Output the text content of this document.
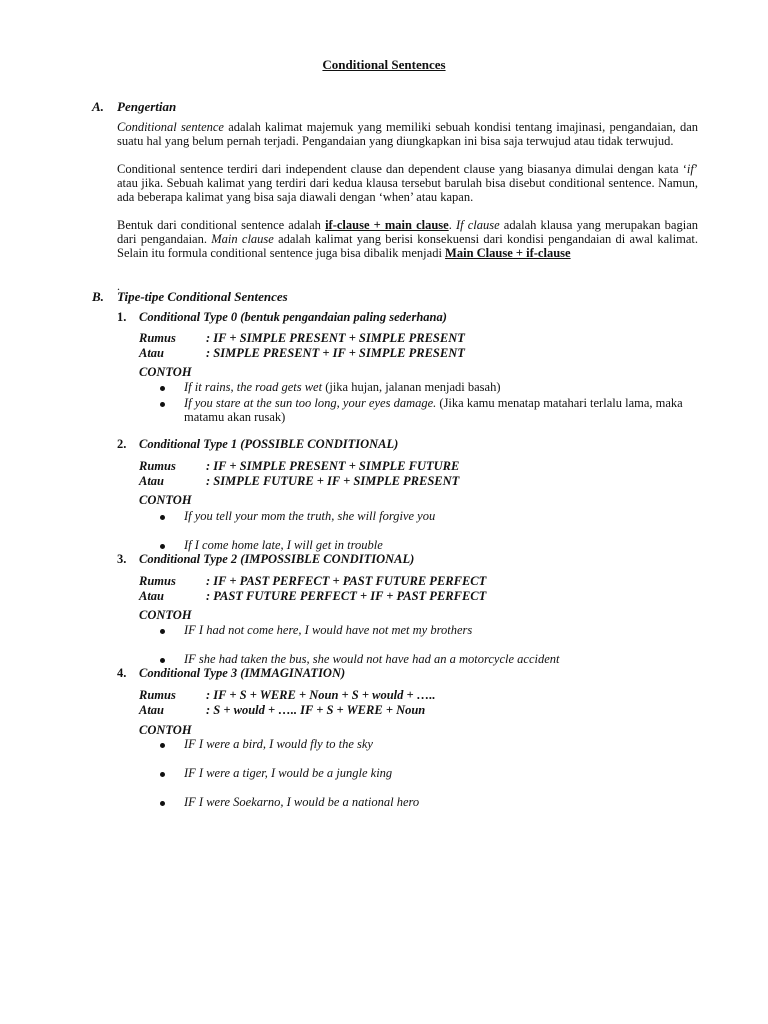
Conditional Sentences
A. Pengertian
Conditional sentence adalah kalimat majemuk yang memiliki sebuah kondisi tentang imajinasi, pengandaian, dan suatu hal yang belum pernah terjadi. Pengandaian yang diungkapkan ini bisa saja terwujud atau tidak terwujud.
Conditional sentence terdiri dari independent clause dan dependent clause yang biasanya dimulai dengan kata ‘if’ atau jika. Sebuah kalimat yang terdiri dari kedua klausa tersebut barulah bisa disebut conditional sentence. Namun, ada beberapa kalimat yang bisa saja diawali dengan ‘when’ atau kapan.
Bentuk dari conditional sentence adalah if-clause + main clause. If clause adalah klausa yang merupakan bagian dari pengandaian. Main clause adalah kalimat yang berisi konsekuensi dari kondisi pengandaian di awal kalimat. Selain itu formula conditional sentence juga bisa dibalik menjadi Main Clause + if-clause
.
B. Tipe-tipe Conditional Sentences
1. Conditional Type 0 (bentuk pengandaian paling sederhana)
Rumus : IF + SIMPLE PRESENT + SIMPLE PRESENT
Atau	: SIMPLE PRESENT + IF + SIMPLE PRESENT
CONTOH
If it rains, the road gets wet (jika hujan, jalanan menjadi basah)
If you stare at the sun too long, your eyes damage. (Jika kamu menatap matahari terlalu lama, maka matamu akan rusak)
2. Conditional Type 1 (POSSIBLE CONDITIONAL)
Rumus : IF + SIMPLE PRESENT + SIMPLE FUTURE
Atau	: SIMPLE FUTURE + IF + SIMPLE PRESENT
CONTOH
If you tell your mom the truth, she will forgive you
If I come home late, I will get in trouble
3. Conditional Type 2 (IMPOSSIBLE CONDITIONAL)
Rumus : IF + PAST PERFECT + PAST FUTURE PERFECT
Atau	: PAST FUTURE PERFECT + IF + PAST PERFECT
CONTOH
IF I had not come here, I would have not met my brothers
IF she had taken the bus, she would not have had an a motorcycle accident
4. Conditional Type 3 (IMMAGINATION)
Rumus : IF + S + WERE + Noun + S + would + …..
Atau	: S + would + ….. IF + S + WERE + Noun
CONTOH
IF I were a bird, I would fly to the sky
IF I were a tiger, I would be a jungle king
IF I were Soekarno, I would be a national hero
